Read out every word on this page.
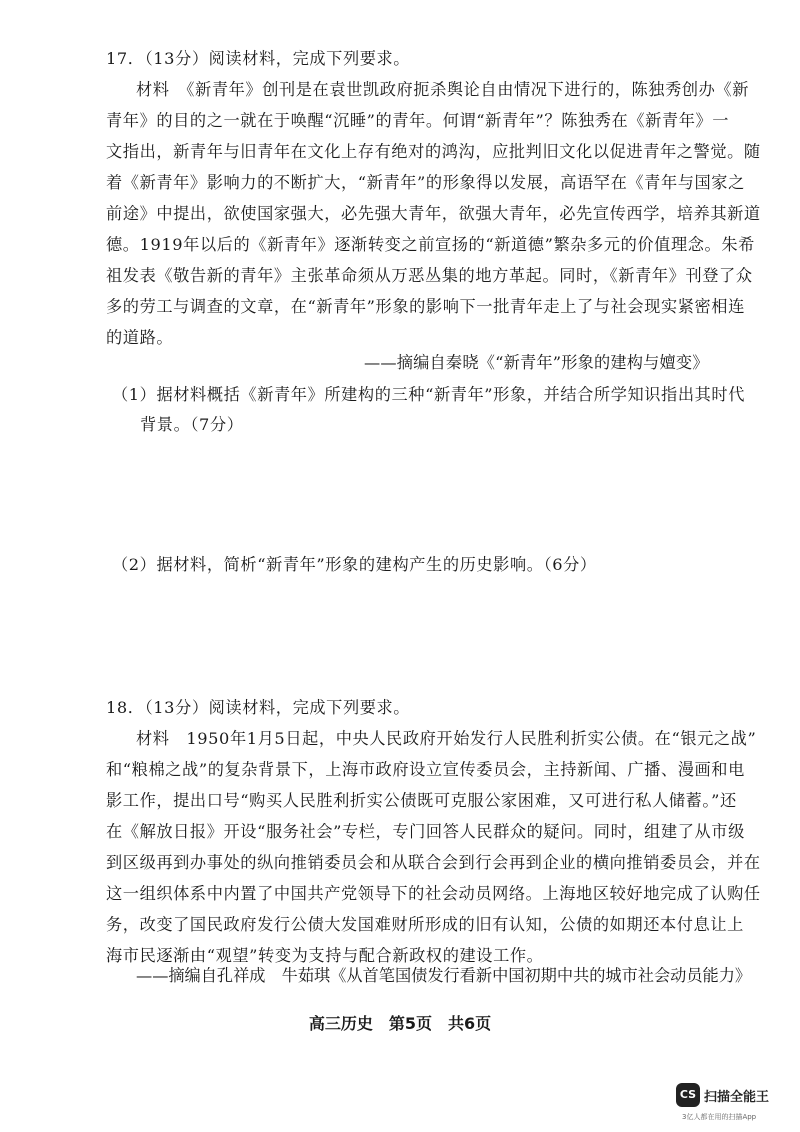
17．（13分）阅读材料，完成下列要求。
材料　《新青年》创刊是在袁世凯政府扼杀舆论自由情况下进行的，陈独秀创办《新
青年》的目的之一就在于唤醒“沉睡”的青年。何谓“新青年”？陈独秀在《新青年》一
文指出，新青年与旧青年在文化上存有绝对的鸿沟，应批判旧文化以促进青年之警觉。随
着《新青年》影响力的不断扩大，“新青年”的形象得以发展，高语罕在《青年与国家之
前途》中提出，欲使国家强大，必先强大青年，欲强大青年，必先宣传西学，培养其新道
德。1919年以后的《新青年》逐渐转变之前宣扬的“新道德”繁杂多元的价值理念。朱希
祖发表《敬告新的青年》主张革命须从万恶丛集的地方革起。同时，《新青年》刊登了众
多的劳工与调查的文章，在“新青年”形象的影响下一批青年走上了与社会现实紧密相连
的道路。
——摘编自秦晓《“新青年”形象的建构与嬗变》
（1）据材料概括《新青年》所建构的三种“新青年”形象，并结合所学知识指出其时代
背景。（7分）
（2）据材料，简析“新青年”形象的建构产生的历史影响。（6分）
18．（13分）阅读材料，完成下列要求。
材料　1950年1月5日起，中央人民政府开始发行人民胜利折实公债。在“银元之战”
和“粮棉之战”的复杂背景下，上海市政府设立宣传委员会，主持新闻、广播、漫画和电
影工作，提出口号“购买人民胜利折实公债既可克服公家困难，又可进行私人储蓄。”还
在《解放日报》开设“服务社会”专栏，专门回答人民群众的疑问。同时，组建了从市级
到区级再到办事处的纵向推销委员会和从联合会到行会再到企业的横向推销委员会，并在
这一组织体系中内置了中国共产党领导下的社会动员网络。上海地区较好地完成了认购任
务，改变了国民政府发行公债大发国难财所形成的旧有认知，公债的如期还本付息让上
海市民逐渐由“观望”转变为支持与配合新政权的建设工作。
——摘编自孔祥成　牛茹琪《从首笔国债发行看新中国初期中共的城市社会动员能力》
高三历史　第5页　共6页
CS 扫描全能王
3亿人都在用的扫描App
